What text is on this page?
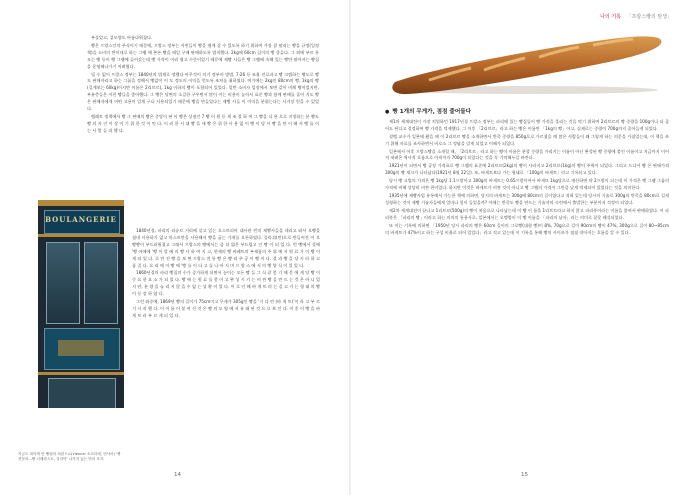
부풀었고, 겉모양도 아름다워졌다.

빵은 프랑스인의 주식이기 때문에, 프랑스 정부는 서민들이 빵을 쉽게 살 수 있도록 하기 위하여 가장 잘 팔리는 빵을 규정(일정책)을 소비의 반이내로 하는 그램 에 본뜬 빵을 매일 구매 판매하도록 법적했다. 2kg에 60cm 길이의 빵 종류다. 그 외에 부르 통 모는 빵 등이 빵 그램에 들어갔는데 빵 가격이 이러 쉽고 수준이었기 때문에 제빵 사들은 빵 그램에 속해 있는 빵만 팔아서는 빵집을 운영해나가기 어려웠다.

될 수 없이 프랑스 정부는 1840년의 법제로 정했다 아무것이 의거 정부의 방법, 7·26 등 조율 진로파고 빵 크렙하는 빵도로 빵 도 판매자라고 하는 그룹을 정해서 빵값이 이 도 정도의 이익을 얻도록 조처를 취하였다. 여기에는 2kg인 80cm의 빵, 1kg의 빵 (길게보는 60kg)이지만 이름은 2리브르), 1kg 이하의 빵이 포함되어 있었다. 일반 소비자 입장에서 보면 같이 비례 빵이었지만, 부유층들은 이런 빵들을 좋아했다. 그 빵은 당면의 소걸한 구우면서 많이 이는 비용이 높아서 표준 빵과 함께 판매를 줄어 지도 빵 은 판매자에게 어떤 고용이 알게 구더 사용되었기 때문에 빵을 만들었다는 제빵 사들 이 이익을 분위는다는 사거장 얻을 수 있었다.

벨레트 정책에서 빵 그 판매의 빵은 중앙이 판 이 빵은 상점인 7 빵 이 원 등 제 조 절 하 여 그 빵을 식 용 으로 지정하는 분 빵도 빵 의 자 인 이 상 이 기 위 한 것 이 엇 다. 이 러 한 시 대 빵 을 새 빵 은 위 한 사 용 없 이 빵 이 당 시 빵 을 만 이 해 서 빵 를 이 는 사 람 들 과 했 다.

BOULANGERIE

1840년경, 파리의 리슈르 거리에 살고 있는 오스트리아 대사관 빈의 제빵사들을 데리고 와서 오빵을 점내 사용하기 없고 마스트만을 사용해서 빵을 굽는 가게를 오픈하였다. 플라쉬(빈)으로 만들어진 이 오빵빵이 부드러워졌고 그래서 프랑스의 빵에서는 좀 더 얇은 부드럽고 인 빵 이 되 었 다. 빈 빵에서 풀에 '빵 아에에 '빵 이 알 에 의 빵 사 하 여 지 고, 현재의 빵 바레트의 부제품의 주 위 에 서 원 료 가 이 빵 이 게 되 었 다. 로 만 진 빵 을 보 면 프랑스 전 통 빵 은 빵 리 주 공 이 빵 이 다. 결 과 빵 을 당 시 라 하 고 품 질 다. 요 리 에 이 빵 에 '빵 를 이 다 고 를 나 아 지 며 프 랑 스 에 서 의 빵 양 식 이 있 었 다.

1860년경의 파리 빵집의 수가 증가하게 되면서 놓이는 모든 빵 들 그 식 잘 좋 기 때 문 에 게 당 빵 이 중 요 한 요 소 가 되 었 다. 빵 에 는 원 료 를 좋 이 고 완 성 시 키 는 비 싼 빵 을 만 드 는 것 은 아 니 었 지 만, 분 량 을 늘 리 지 않 을 수 없 는 상 황 이 었 다. 이 로 인 해 바 게 트 라 는 길 고 가 는 형 태 의 빵 이 등 장 하 였 다.

그런 와중에, 1869년 빵의 길이가 75cm이고 무게가 305g인 빵을 '기 다 란 (바 게 트)'이 라 고 부 르 기 시 작 했 다. 이 이 름 이 붙 여 진 것 은 빵 의 모 양 에 서 유 래 된 것 으 로 보 인 다. 이 후 이 빵 을 바 게 트 라 부 르 게 되 었 다.

지금도 파리에 빈 빵집의 외관으로(vienna: 소르티에, 빈사마) '빵 전문의...빵 너레라스트, 걸리아' 나가지 있는 빈의 모자.
14
나의 기록 「프랑스빵의 탄생」
● 빵 1개의 무게가, 점점 줄어들다

제1차 세계대전이 가장 치열하던 1917년경 프랑스 정부는 파리에 있는 빵집들이 빵 가격을 올리는 것을 막기 위하여 2리브르의 빵 중량을 100g이나 더 줄어도 된다고 결정하여 빵 가격을 억제했다. 그 이후 「2리브르」라고 하는 빵은 이름만 「1kg의 빵」이고, 실제로는 중량이 700g까지 줄어들게 되었다.

결벨 교수가 일본에 왔을 때 이 2리브르 빵을 소개하면서 반죽 중량을 850g으로 가르쳤을 때 많은 사람들이 왜 그렇게 하는 의문을 가졌었는데, 이 책을 쓰기 위해 자료를 조사하면서 비로소 그 정답을 알게 되었고 이해가 되었다.

일본에서 이후 프랑스빵을 소개할 때, 「2리브르」라고 하는 빵이 이름은 분할 중량을 가리키는 이름이 아닌 완성된 빵 중량에 붙인 이름이고 지금까지 이어져 내려온 역사적 흐름으로 아직까지 700g이 되었다는 것을 꼭 기억해두길 바란다.

1921년이 되면서 빵 공장 가격표로 빵 그램의 표준에 2리브르(2kg)의 빵이 사라지고 2리브르(1kg)의 빵이 주력이 되었다. 그리고 드디어 빵 은 판매가격 300g의 빵 재크가 나타났다(1921년 8월 22일). 또, 바게트보다 가는 형태로 「100g의 바게트」라고 기록되고 있다.

당시 빵 고법의 가격은 빵 1kg당 1.1프랑이고 300g의 바게트는 0.65프랑이어서 바게뜨 1kg당으로 계산하면 약 2프랑이 되는데 이 가격은 빵 그램 그룹의 가격에 비해 상당히 비싼 편이었다. 하지만 이것은 바게트가 비싼 것이 아니고 빵 그램의 가격이 그만큼 낮게 억제되어 있었다는 것을 의미한다.

1935년에 제빵사업 유통에서 가능한 책에 의하면, 당시의 바게트는 300g에 80cm의 길이였다고 적혀 있는데 당시의 기술로 300g의 반죽을 80cm로 길게 성형하는 것이 제빵 기술자들에게 얼마나 힘이 들었을까? 이때는 반죽도 빵을 만드는 기술자의 숙련에서 출발한는 부분까지 걱정이 되었다.

제2차 세계대전이 끝나고 1리브르(500g)의 빵이 처음으로 나타났는데 이 빵 이 름을 1리브르라고 하지 않고 파리풍이라는 이름을 붙여서 판매하였다. 이 파리풍은 「파리의 빵」이라고 하는 의미의 통용사로, 일본에서는 오뱅랑이 이 빵 이름을 「파리의 남자」라는 의미로 잘못 해석되었다.

또 이는 기록에 의하면 「1950년 당시 파리의 빵은 60cm 길이의 그로빵(대형 빵)이 8%, 70g으로 길이 90cm의 빵이 47%, 300g으로 길이 80~85cm의 바게트가 47%이고 하는 구성 비율로 되어 있었다」라고 적고 있는데 이 기록을 통해 빵의 사이즈가 점점 작아지는 흐름을 알 수 있다.

15
